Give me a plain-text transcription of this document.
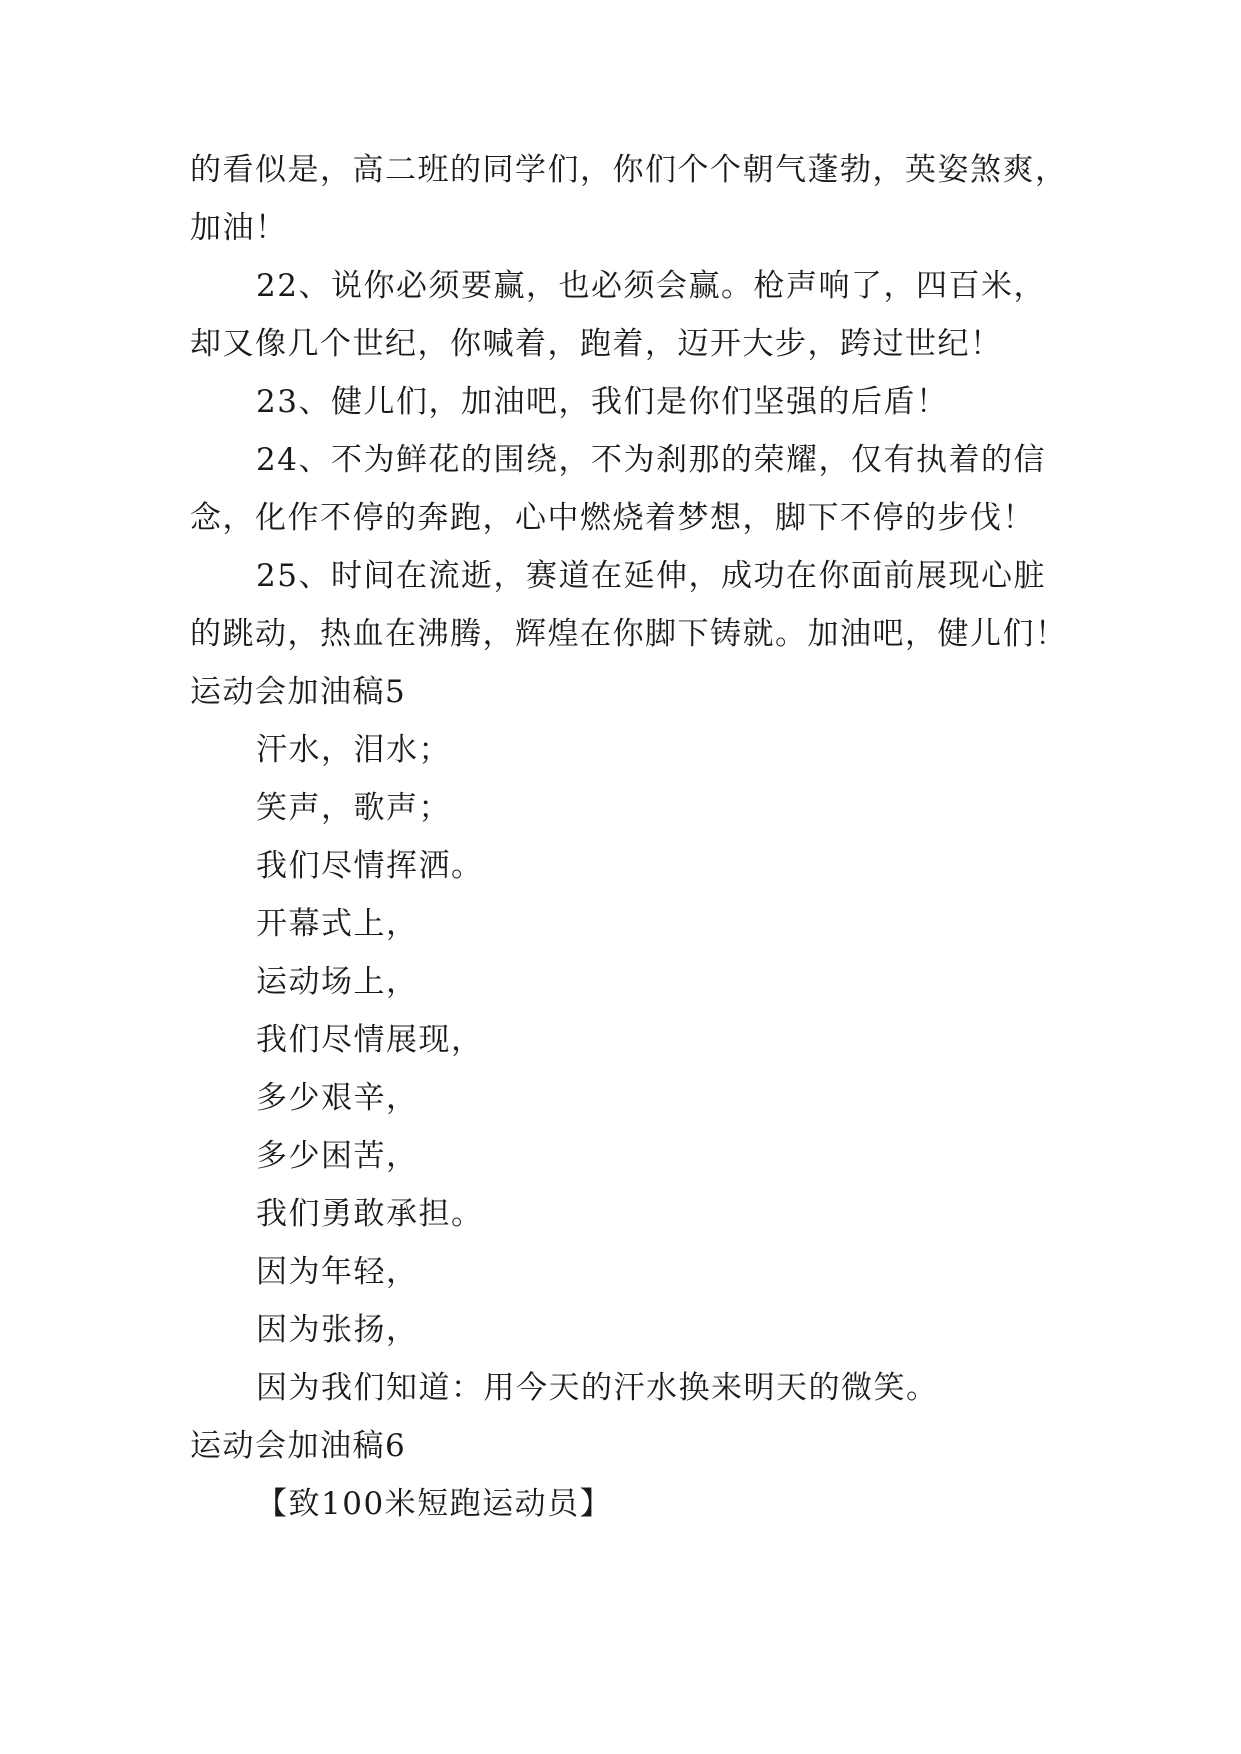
的看似是，高二班的同学们，你们个个朝气蓬勃，英姿煞爽，
加油！
22、说你必须要赢，也必须会赢。枪声响了，四百米，
却又像几个世纪，你喊着，跑着，迈开大步，跨过世纪！
23、健儿们，加油吧，我们是你们坚强的后盾！
24、不为鲜花的围绕，不为刹那的荣耀，仅有执着的信
念，化作不停的奔跑，心中燃烧着梦想，脚下不停的步伐！
25、时间在流逝，赛道在延伸，成功在你面前展现心脏
的跳动，热血在沸腾，辉煌在你脚下铸就。加油吧，健儿们！
运动会加油稿5
汗水，泪水；
笑声，歌声；
我们尽情挥洒。
开幕式上，
运动场上，
我们尽情展现，
多少艰辛，
多少困苦，
我们勇敢承担。
因为年轻，
因为张扬，
因为我们知道：用今天的汗水换来明天的微笑。
运动会加油稿6
【致100米短跑运动员】
